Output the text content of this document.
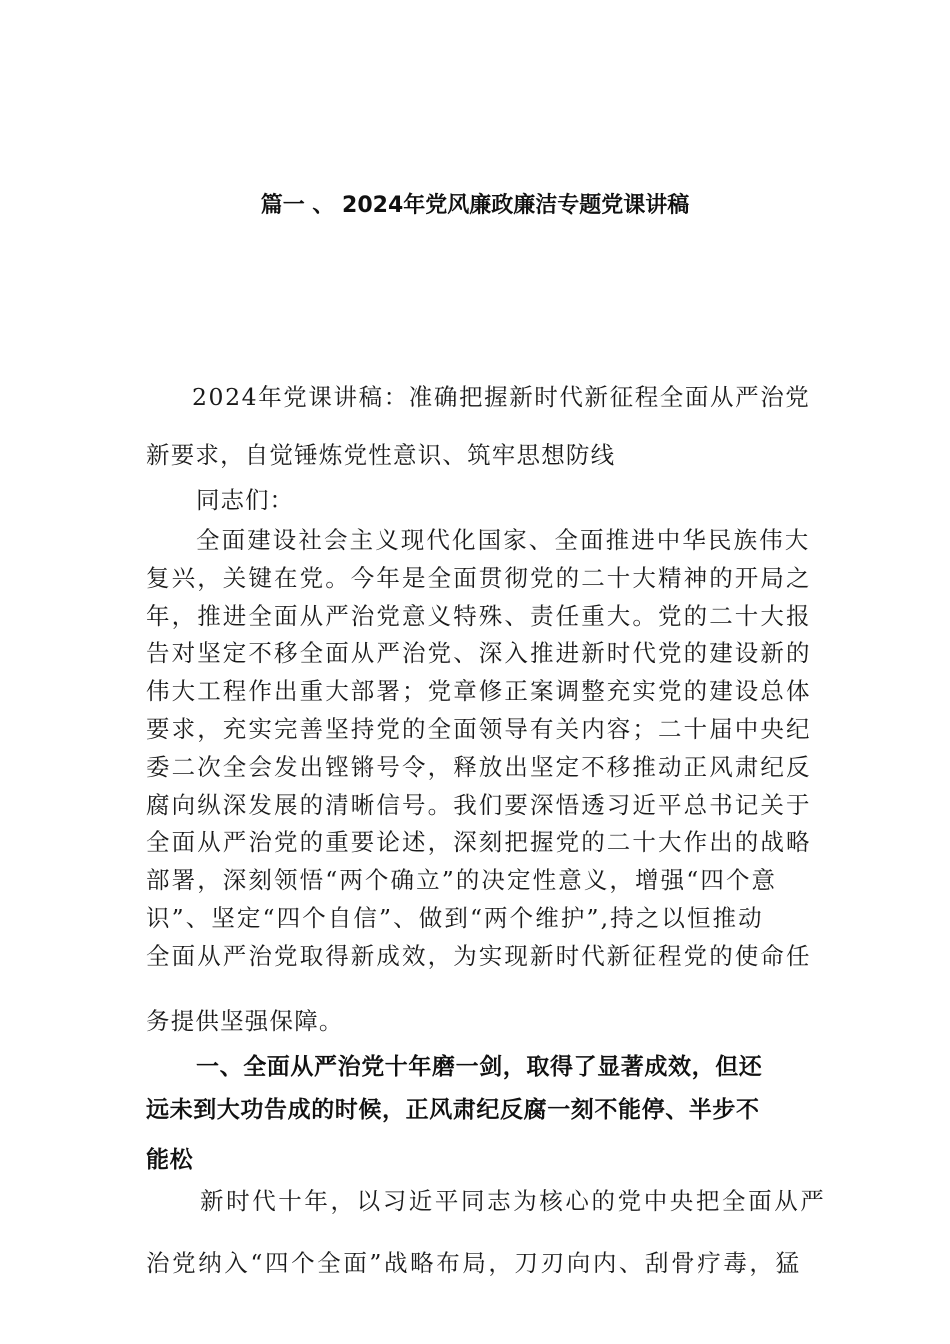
篇一 、 2024年党风廉政廉洁专题党课讲稿
2024年党课讲稿：准确把握新时代新征程全面从严治党
新要求，自觉锤炼党性意识、筑牢思想防线
同志们：
全面建设社会主义现代化国家、全面推进中华民族伟大
复兴，关键在党。今年是全面贯彻党的二十大精神的开局之
年，推进全面从严治党意义特殊、责任重大。党的二十大报
告对坚定不移全面从严治党、深入推进新时代党的建设新的
伟大工程作出重大部署；党章修正案调整充实党的建设总体
要求，充实完善坚持党的全面领导有关内容；二十届中央纪
委二次全会发出铿锵号令，释放出坚定不移推动正风肃纪反
腐向纵深发展的清晰信号。我们要深悟透习近平总书记关于
全面从严治党的重要论述，深刻把握党的二十大作出的战略
部署，深刻领悟“两个确立”的决定性意义，增强“四个意
识”、坚定“四个自信”、做到“两个维护”,持之以恒推动
全面从严治党取得新成效，为实现新时代新征程党的使命任
务提供坚强保障。
一、全面从严治党十年磨一剑，取得了显著成效，但还
远未到大功告成的时候，正风肃纪反腐一刻不能停、半步不
能松
新时代十年，以习近平同志为核心的党中央把全面从严
治党纳入“四个全面”战略布局，刀刃向内、刮骨疗毒，猛
